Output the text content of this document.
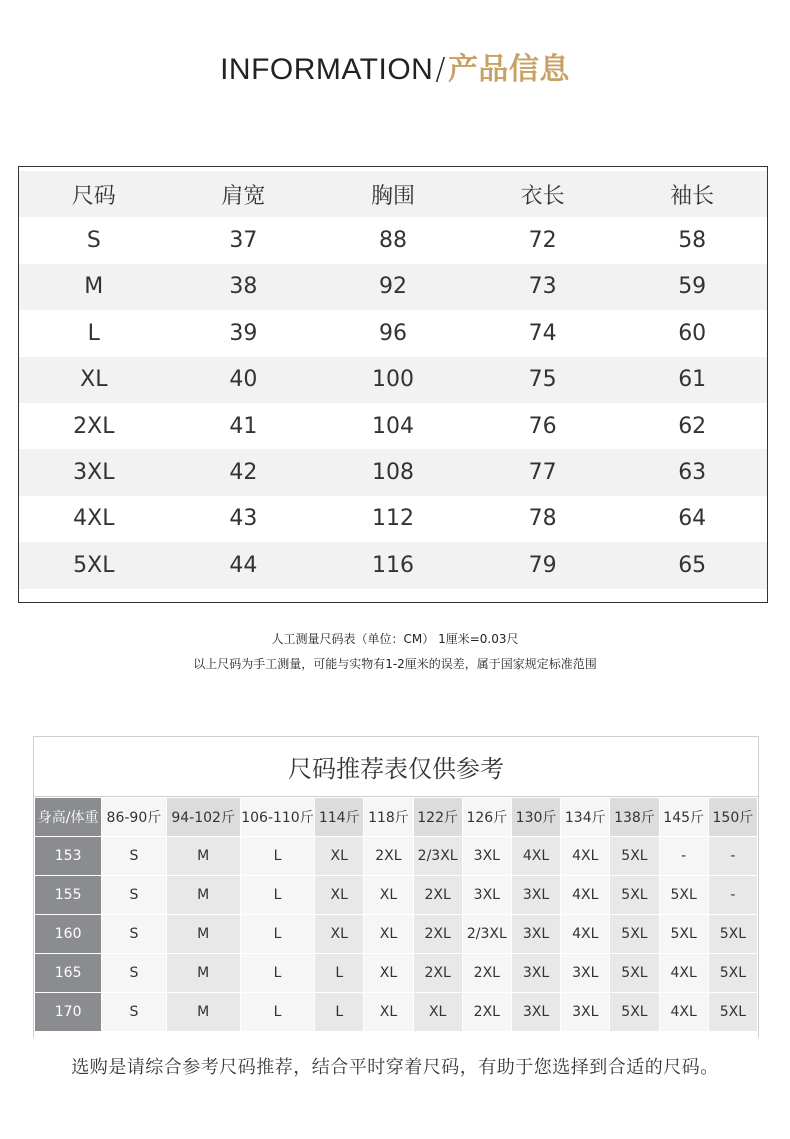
INFORMATION/产品信息
尺码	肩宽	胸围	衣长	袖长
S	37	88	72	58
M	38	92	73	59
L	39	96	74	60
XL	40	100	75	61
2XL	41	104	76	62
3XL	42	108	77	63
4XL	43	112	78	64
5XL	44	116	79	65
人工测量尺码表（单位：CM） 1厘米=0.03尺
以上尺码为手工测量，可能与实物有1-2厘米的误差，属于国家规定标准范围
尺码推荐表仅供参考
身高/体重	86-90斤	94-102斤	106-110斤	114斤	118斤	122斤	126斤	130斤	134斤	138斤	145斤	150斤
153	S	M	L	XL	2XL	2/3XL	3XL	4XL	4XL	5XL	-	-
155	S	M	L	XL	XL	2XL	3XL	3XL	4XL	5XL	5XL	-
160	S	M	L	XL	XL	2XL	2/3XL	3XL	4XL	5XL	5XL	5XL
165	S	M	L	L	XL	2XL	2XL	3XL	3XL	5XL	4XL	5XL
170	S	M	L	L	XL	XL	2XL	3XL	3XL	5XL	4XL	5XL
选购是请综合参考尺码推荐，结合平时穿着尺码，有助于您选择到合适的尺码。
